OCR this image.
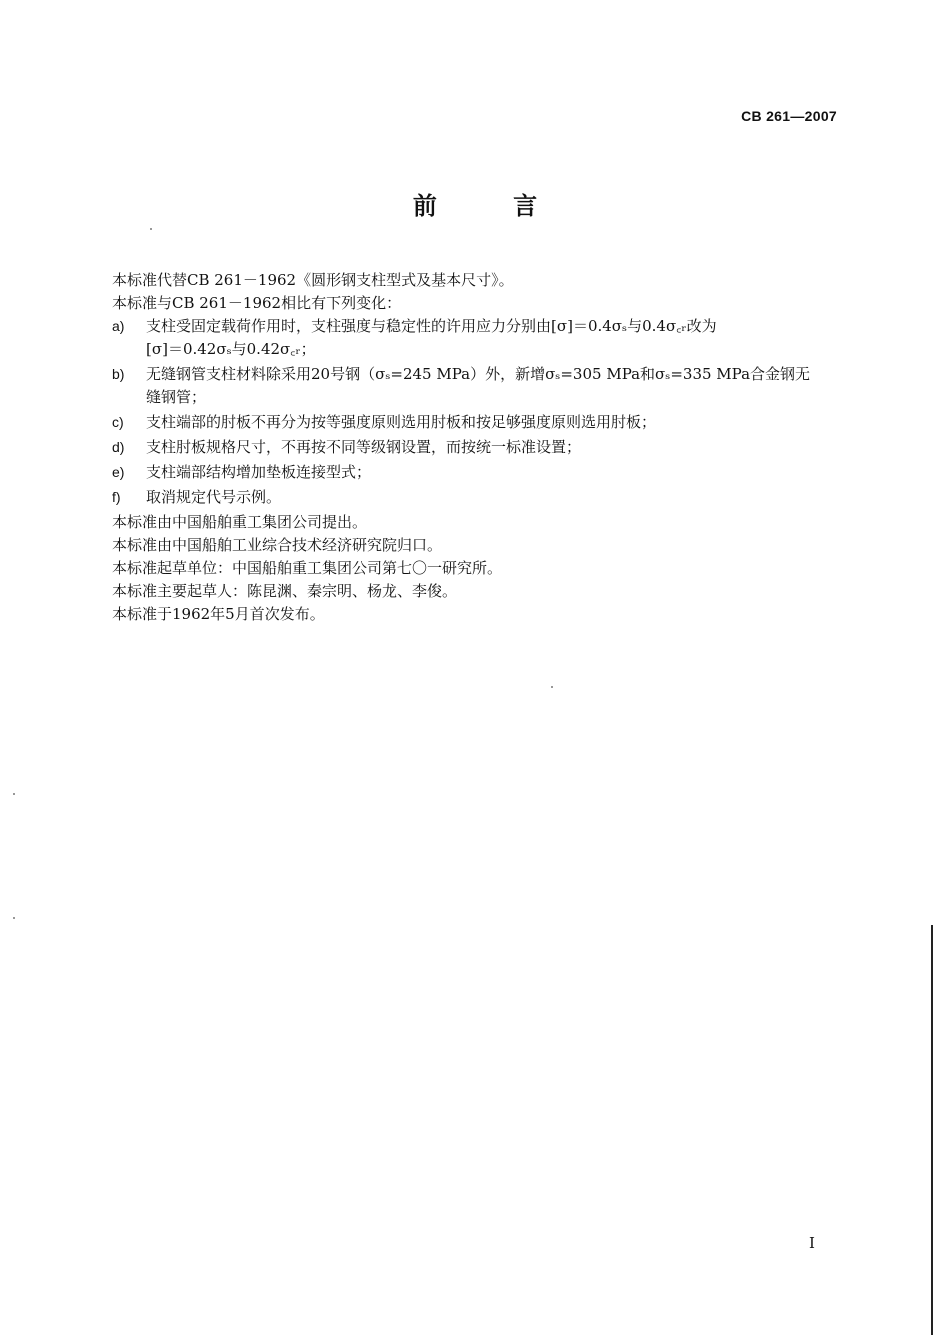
CB 261—2007
前 言

本标准代替CB 261－1962《圆形钢支柱型式及基本尺寸》。

本标准与CB 261－1962相比有下列变化：

a)	支柱受固定载荷作用时，支柱强度与稳定性的许用应力分别由[σ]＝0.4σₛ与0.4σ꜀ᵣ改为
[σ]＝0.42σₛ与0.42σ꜀ᵣ；
b)	无缝钢管支柱材料除采用20号钢（σₛ=245 MPa）外，新增σₛ=305 MPa和σₛ=335 MPa合金钢无
缝钢管；
c)	支柱端部的肘板不再分为按等强度原则选用肘板和按足够强度原则选用肘板；
d)	支柱肘板规格尺寸，不再按不同等级钢设置，而按统一标准设置；
e)	支柱端部结构增加垫板连接型式；
f)	取消规定代号示例。

本标准由中国船舶重工集团公司提出。

本标准由中国船舶工业综合技术经济研究院归口。

本标准起草单位：中国船舶重工集团公司第七〇一研究所。

本标准主要起草人：陈昆渊、秦宗明、杨龙、李俊。

本标准于1962年5月首次发布。

I
